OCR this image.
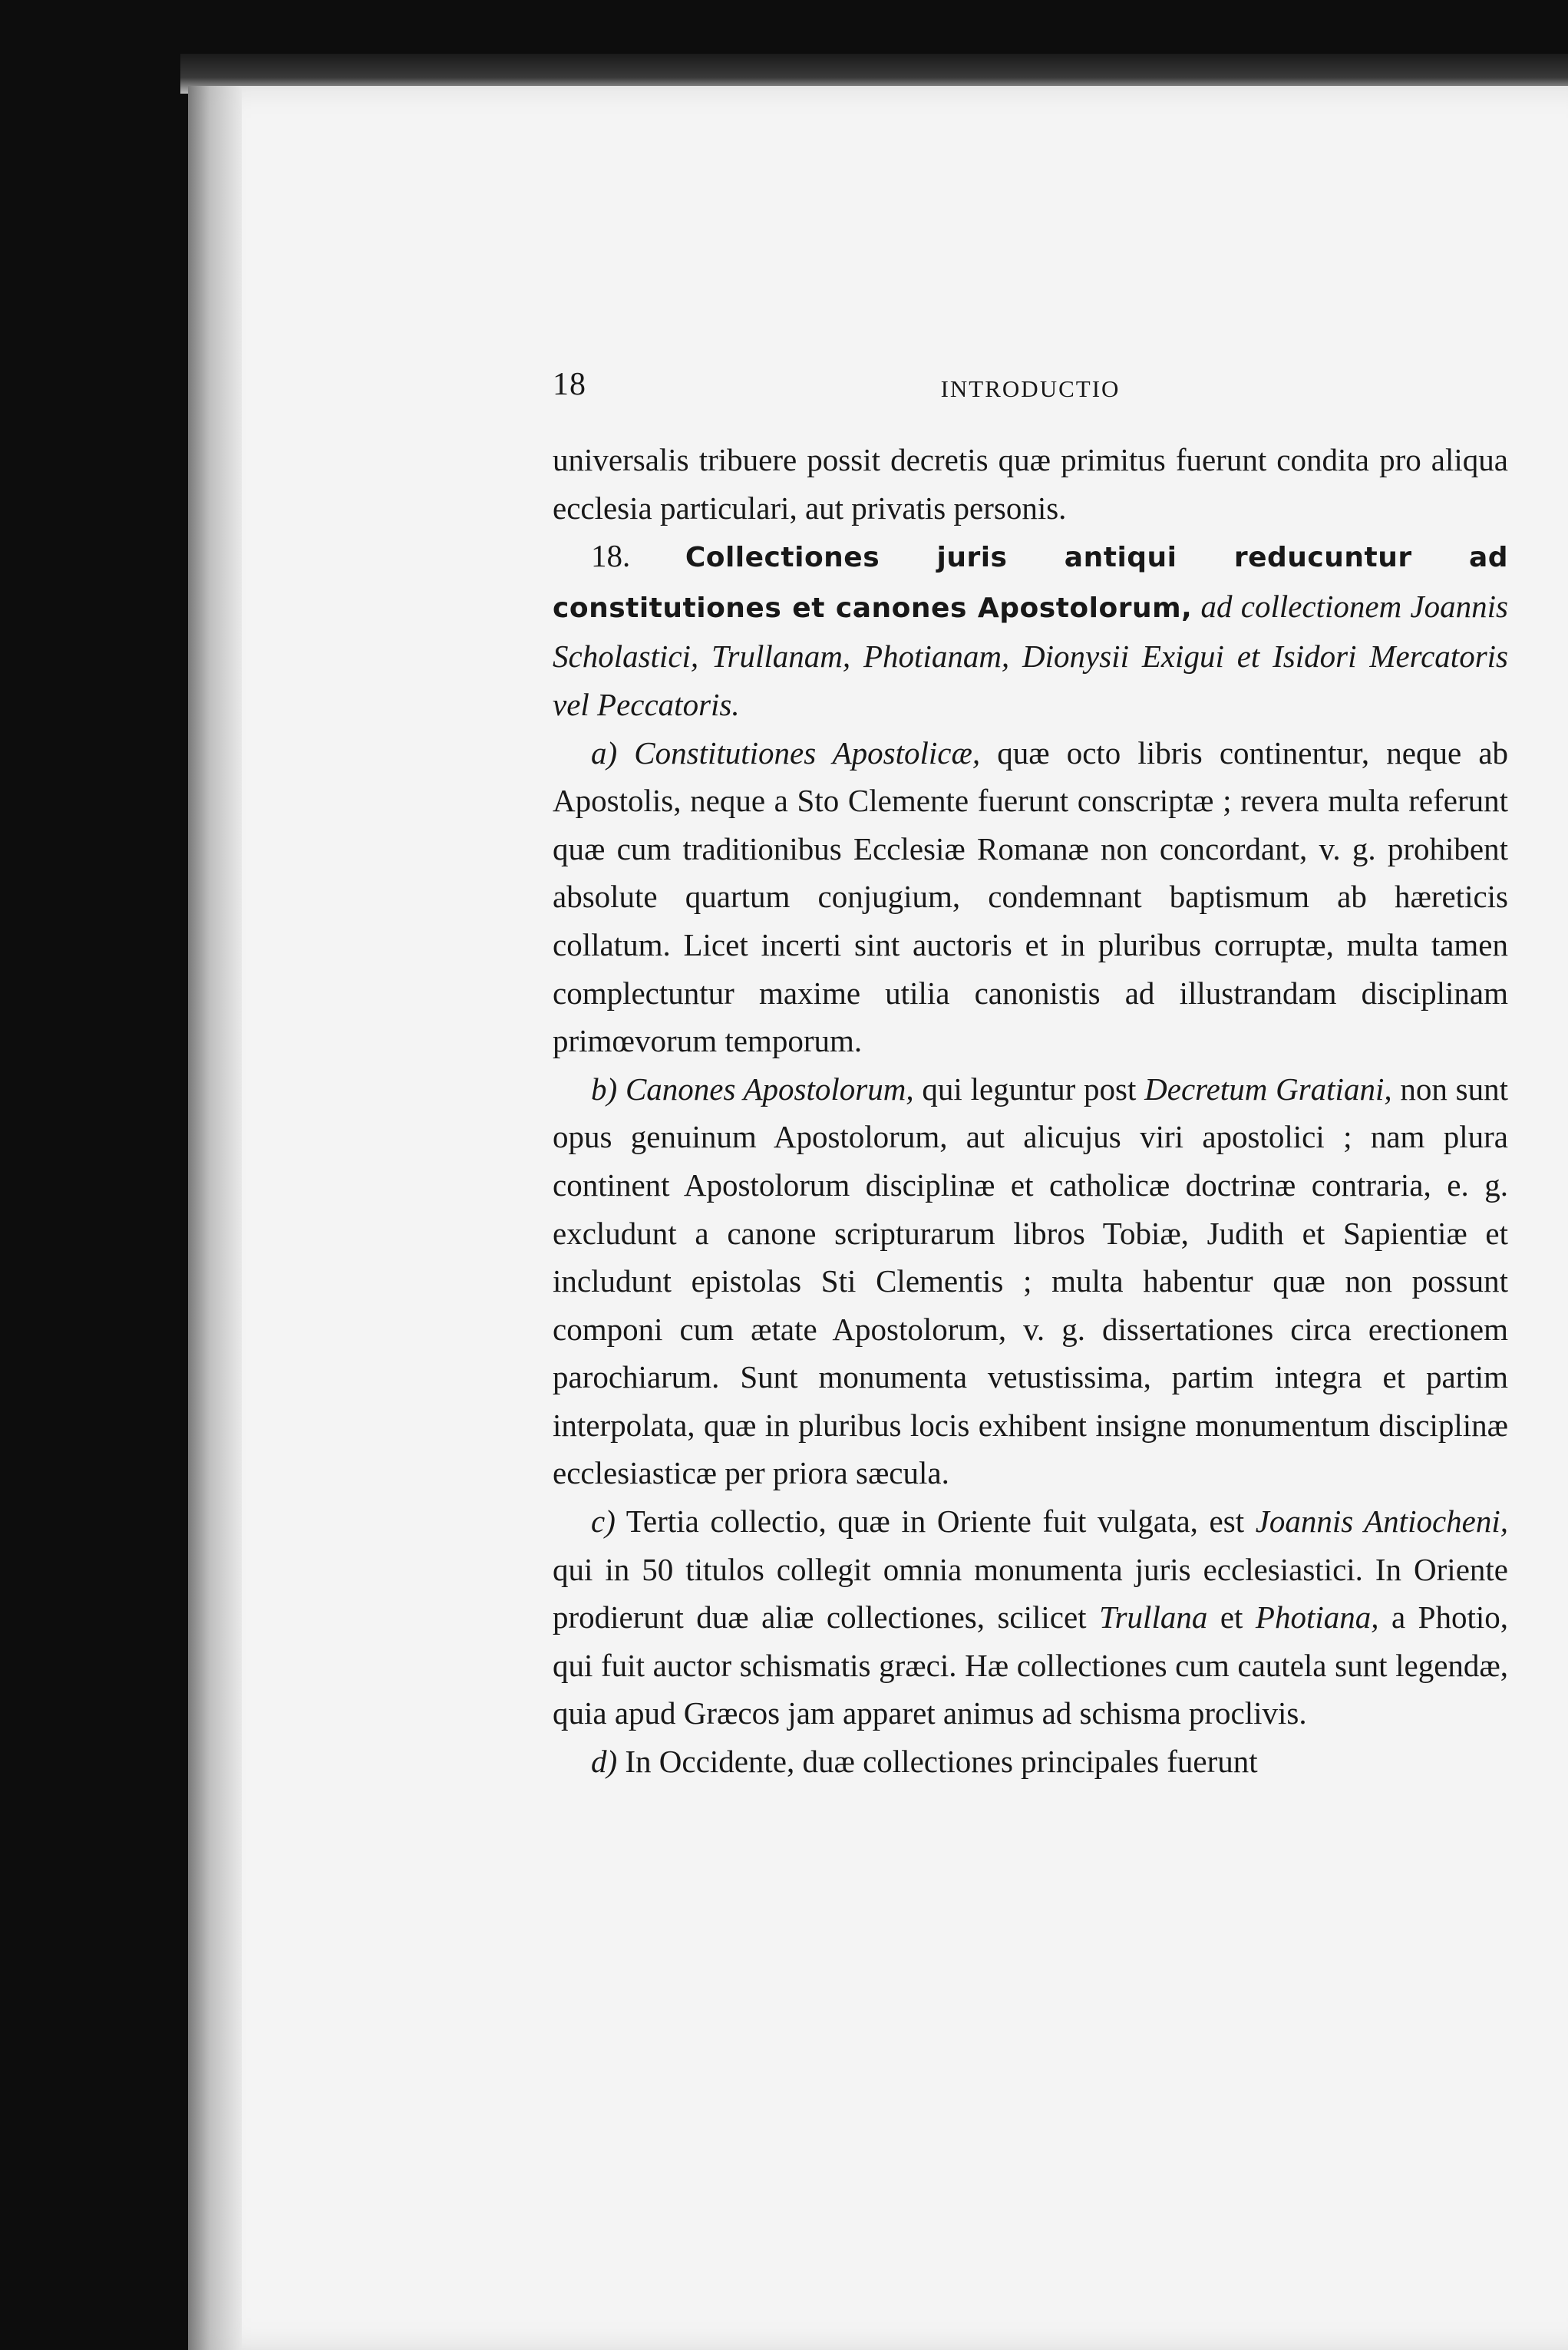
18	INTRODUCTIO

universalis tribuere possit decretis quæ primitus fuerunt condita pro aliqua ecclesia particulari, aut privatis personis.

18. Collectiones juris antiqui reducuntur ad constitutiones et canones Apostolorum, ad collectionem Joannis Scholastici, Trullanam, Photianam, Dionysii Exigui et Isidori Mercatoris vel Peccatoris.

a) Constitutiones Apostolicæ, quæ octo libris continentur, neque ab Apostolis, neque a Sto Clemente fuerunt conscriptæ ; revera multa referunt quæ cum traditionibus Ecclesiæ Romanæ non concordant, v. g. prohibent absolute quartum conjugium, condemnant baptismum ab hæreticis collatum. Licet incerti sint auctoris et in pluribus corruptæ, multa tamen complectuntur maxime utilia canonistis ad illustrandam disciplinam primœvorum temporum.

b) Canones Apostolorum, qui leguntur post Decretum Gratiani, non sunt opus genuinum Apostolorum, aut alicujus viri apostolici ; nam plura continent Apostolorum disciplinæ et catholicæ doctrinæ contraria, e. g. excludunt a canone scripturarum libros Tobiæ, Judith et Sapientiæ et includunt epistolas Sti Clementis ; multa habentur quæ non possunt componi cum ætate Apostolorum, v. g. dissertationes circa erectionem parochiarum. Sunt monumenta vetustissima, partim integra et partim interpolata, quæ in pluribus locis exhibent insigne monumentum disciplinæ ecclesiasticæ per priora sæcula.

c) Tertia collectio, quæ in Oriente fuit vulgata, est Joannis Antiocheni, qui in 50 titulos collegit omnia monumenta juris ecclesiastici. In Oriente prodierunt duæ aliæ collectiones, scilicet Trullana et Photiana, a Photio, qui fuit auctor schismatis græci. Hæ collectiones cum cautela sunt legendæ, quia apud Græcos jam apparet animus ad schisma proclivis.

d) In Occidente, duæ collectiones principales fuerunt
